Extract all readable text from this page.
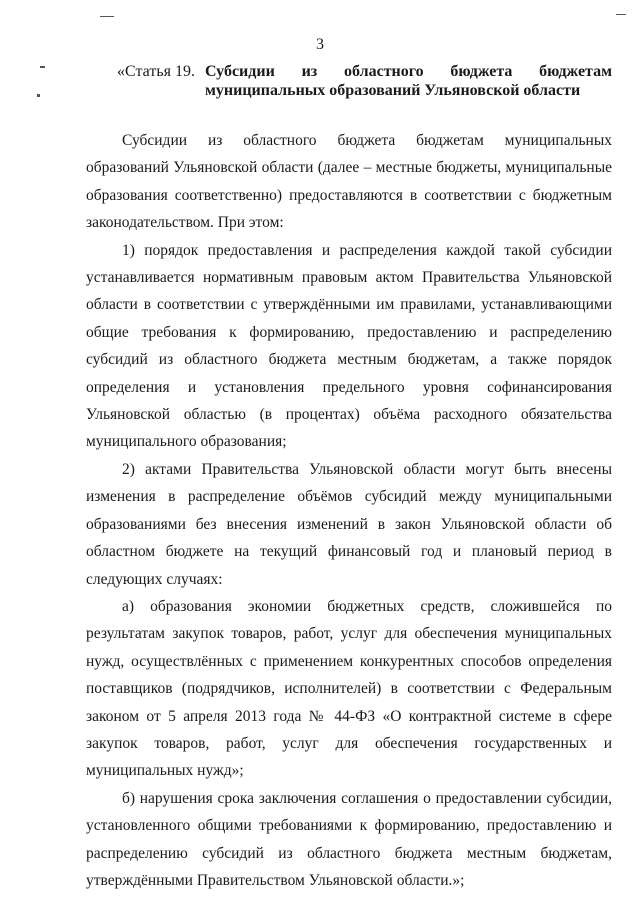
3
«Статья 19. Субсидии из областного бюджета бюджетам муниципальных образований Ульяновской области

Субсидии из областного бюджета бюджетам муниципальных образований Ульяновской области (далее – местные бюджеты, муниципальные образования соответственно) предоставляются в соответствии с бюджетным законодательством. При этом:

1) порядок предоставления и распределения каждой такой субсидии устанавливается нормативным правовым актом Правительства Ульяновской области в соответствии с утверждёнными им правилами, устанавливающими общие требования к формированию, предоставлению и распределению субсидий из областного бюджета местным бюджетам, а также порядок определения и установления предельного уровня софинансирования Ульяновской областью (в процентах) объёма расходного обязательства муниципального образования;

2) актами Правительства Ульяновской области могут быть внесены изменения в распределение объёмов субсидий между муниципальными образованиями без внесения изменений в закон Ульяновской области об областном бюджете на текущий финансовый год и плановый период в следующих случаях:

а) образования экономии бюджетных средств, сложившейся по результатам закупок товаров, работ, услуг для обеспечения муниципальных нужд, осуществлённых с применением конкурентных способов определения поставщиков (подрядчиков, исполнителей) в соответствии с Федеральным законом от 5 апреля 2013 года № 44-ФЗ «О контрактной системе в сфере закупок товаров, работ, услуг для обеспечения государственных и муниципальных нужд»;

б) нарушения срока заключения соглашения о предоставлении субсидии, установленного общими требованиями к формированию, предоставлению и распределению субсидий из областного бюджета местным бюджетам, утверждёнными Правительством Ульяновской области.»;
